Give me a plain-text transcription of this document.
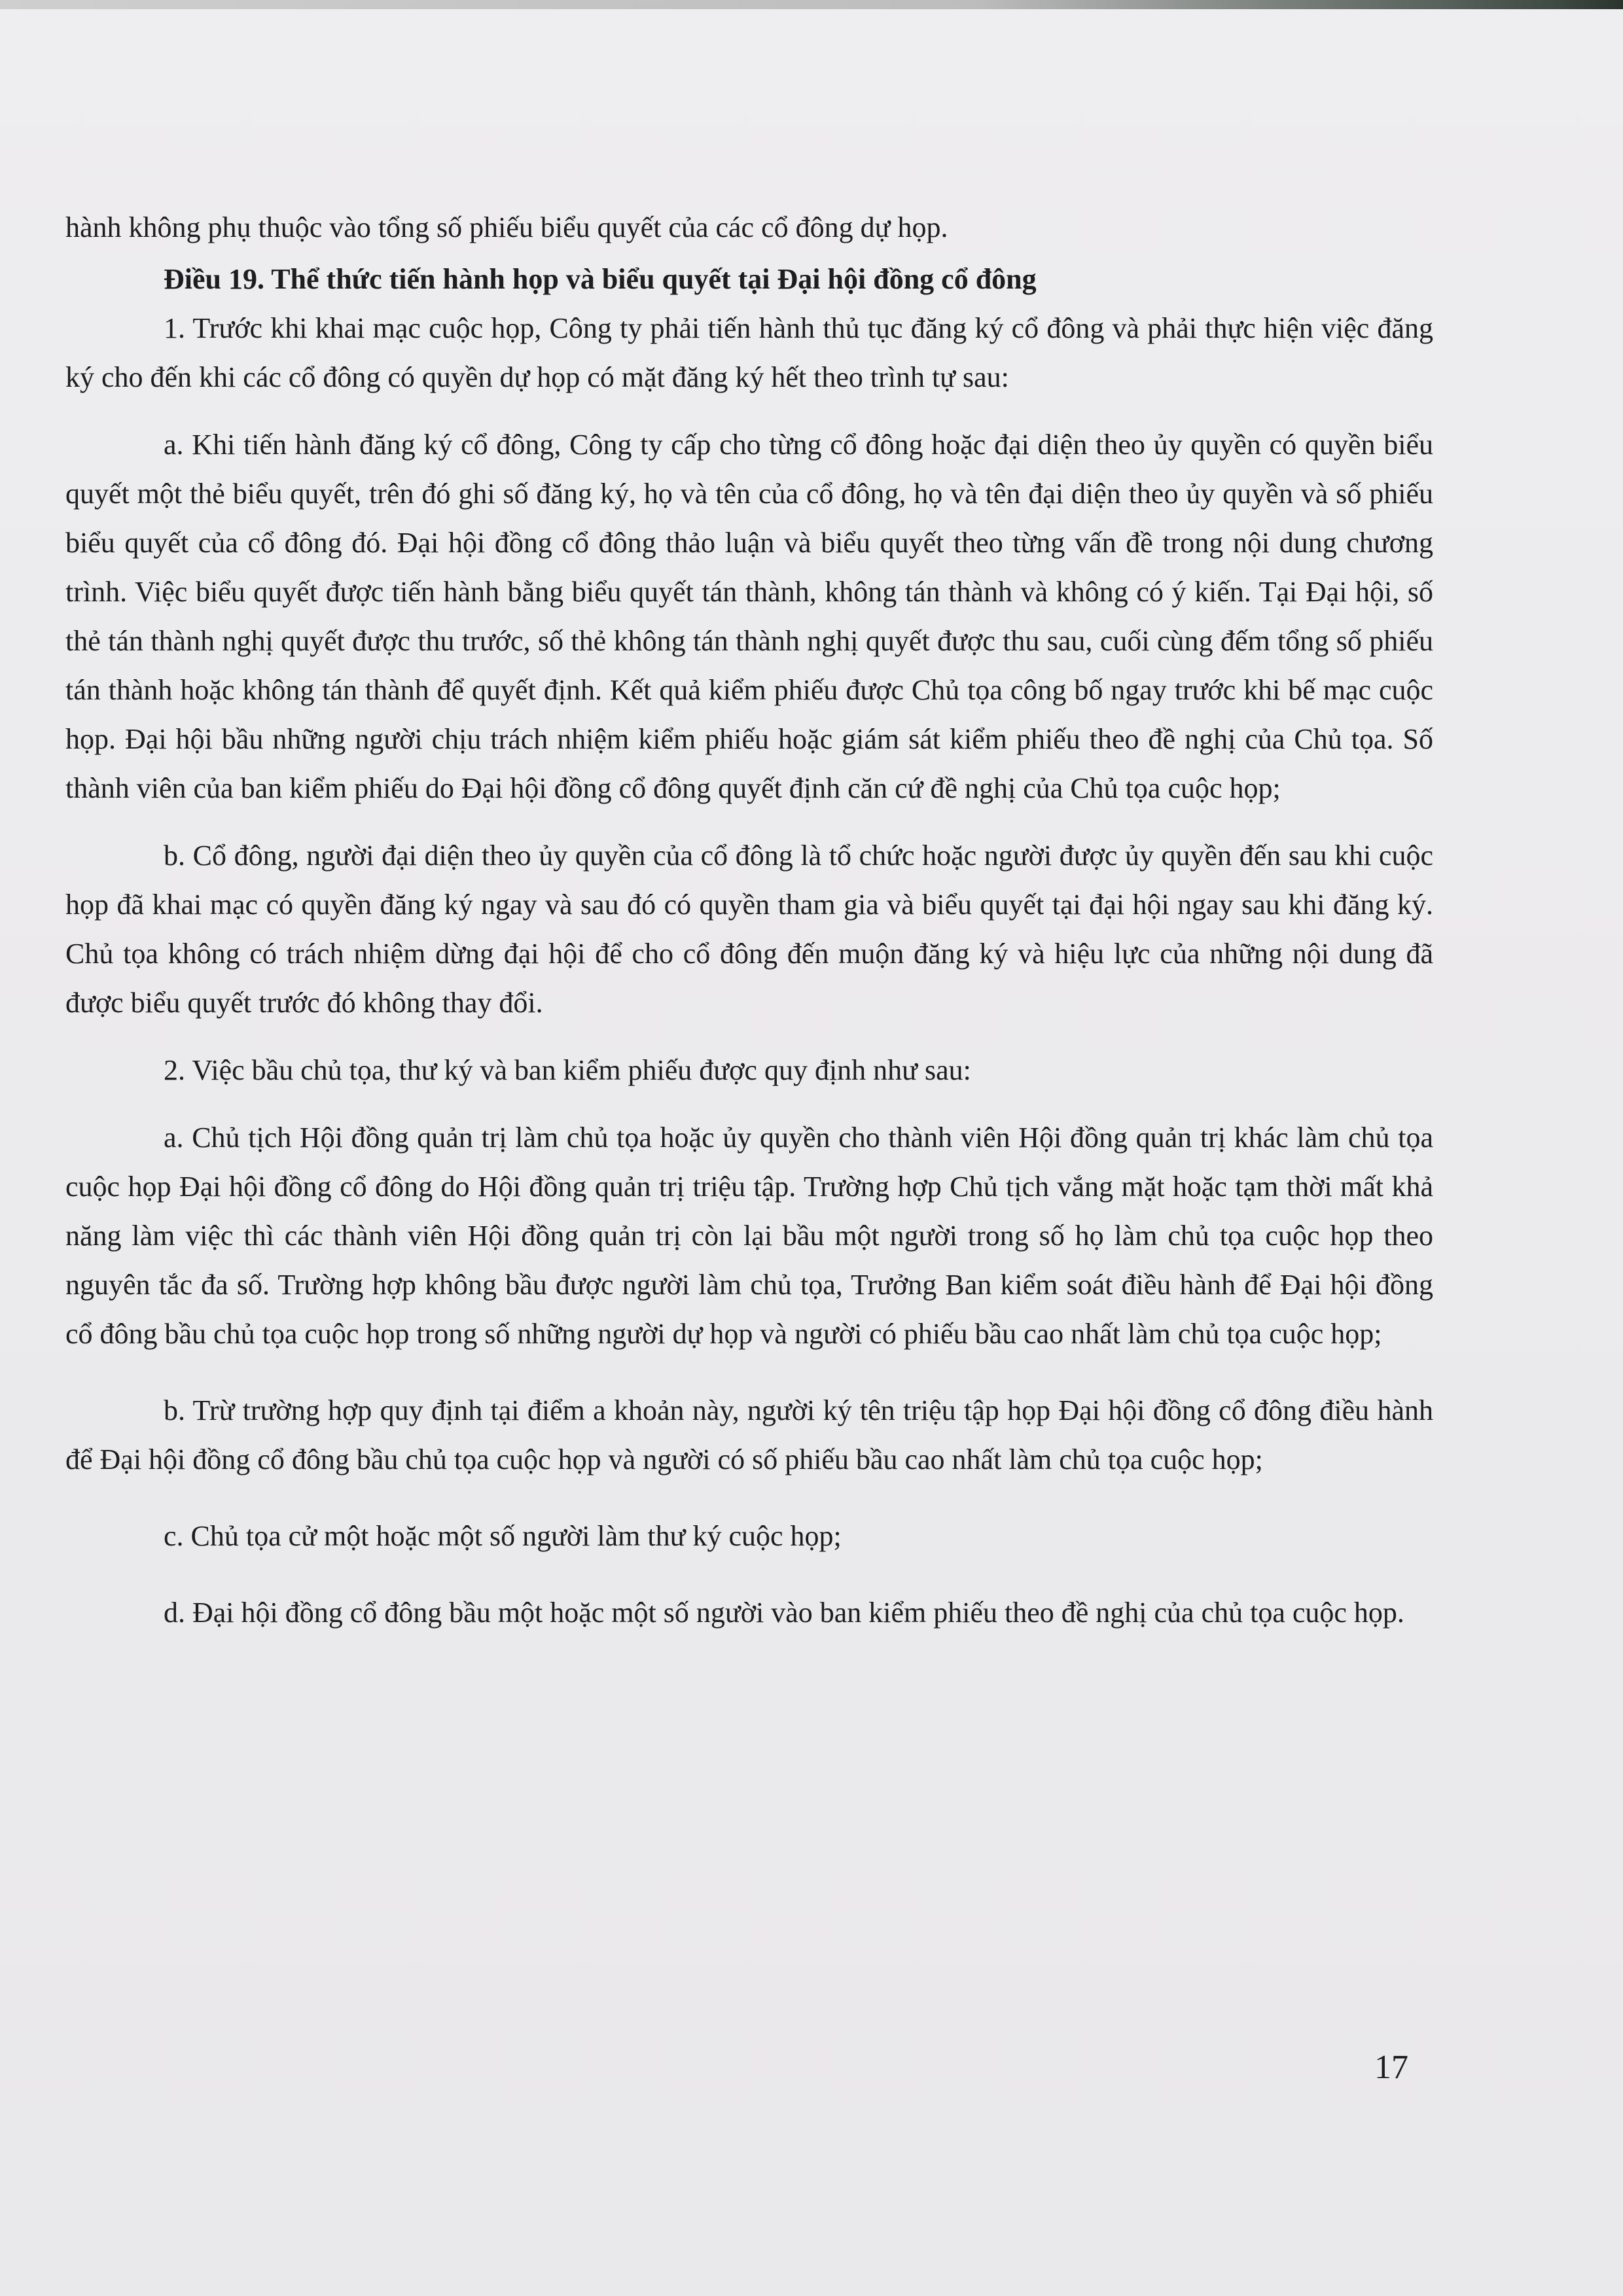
hành không phụ thuộc vào tổng số phiếu biểu quyết của các cổ đông dự họp.

Điều 19. Thể thức tiến hành họp và biểu quyết tại Đại hội đồng cổ đông

1. Trước khi khai mạc cuộc họp, Công ty phải tiến hành thủ tục đăng ký cổ đông và phải thực hiện việc đăng ký cho đến khi các cổ đông có quyền dự họp có mặt đăng ký hết theo trình tự sau:

a. Khi tiến hành đăng ký cổ đông, Công ty cấp cho từng cổ đông hoặc đại diện theo ủy quyền có quyền biểu quyết một thẻ biểu quyết, trên đó ghi số đăng ký, họ và tên của cổ đông, họ và tên đại diện theo ủy quyền và số phiếu biểu quyết của cổ đông đó. Đại hội đồng cổ đông thảo luận và biểu quyết theo từng vấn đề trong nội dung chương trình. Việc biểu quyết được tiến hành bằng biểu quyết tán thành, không tán thành và không có ý kiến. Tại Đại hội, số thẻ tán thành nghị quyết được thu trước, số thẻ không tán thành nghị quyết được thu sau, cuối cùng đếm tổng số phiếu tán thành hoặc không tán thành để quyết định. Kết quả kiểm phiếu được Chủ tọa công bố ngay trước khi bế mạc cuộc họp. Đại hội bầu những người chịu trách nhiệm kiểm phiếu hoặc giám sát kiểm phiếu theo đề nghị của Chủ tọa. Số thành viên của ban kiểm phiếu do Đại hội đồng cổ đông quyết định căn cứ đề nghị của Chủ tọa cuộc họp;

b. Cổ đông, người đại diện theo ủy quyền của cổ đông là tổ chức hoặc người được ủy quyền đến sau khi cuộc họp đã khai mạc có quyền đăng ký ngay và sau đó có quyền tham gia và biểu quyết tại đại hội ngay sau khi đăng ký. Chủ tọa không có trách nhiệm dừng đại hội để cho cổ đông đến muộn đăng ký và hiệu lực của những nội dung đã được biểu quyết trước đó không thay đổi.

2. Việc bầu chủ tọa, thư ký và ban kiểm phiếu được quy định như sau:

a. Chủ tịch Hội đồng quản trị làm chủ tọa hoặc ủy quyền cho thành viên Hội đồng quản trị khác làm chủ tọa cuộc họp Đại hội đồng cổ đông do Hội đồng quản trị triệu tập. Trường hợp Chủ tịch vắng mặt hoặc tạm thời mất khả năng làm việc thì các thành viên Hội đồng quản trị còn lại bầu một người trong số họ làm chủ tọa cuộc họp theo nguyên tắc đa số. Trường hợp không bầu được người làm chủ tọa, Trưởng Ban kiểm soát điều hành để Đại hội đồng cổ đông bầu chủ tọa cuộc họp trong số những người dự họp và người có phiếu bầu cao nhất làm chủ tọa cuộc họp;

b. Trừ trường hợp quy định tại điểm a khoản này, người ký tên triệu tập họp Đại hội đồng cổ đông điều hành để Đại hội đồng cổ đông bầu chủ tọa cuộc họp và người có số phiếu bầu cao nhất làm chủ tọa cuộc họp;

c. Chủ tọa cử một hoặc một số người làm thư ký cuộc họp;

d. Đại hội đồng cổ đông bầu một hoặc một số người vào ban kiểm phiếu theo đề nghị của chủ tọa cuộc họp.

17
